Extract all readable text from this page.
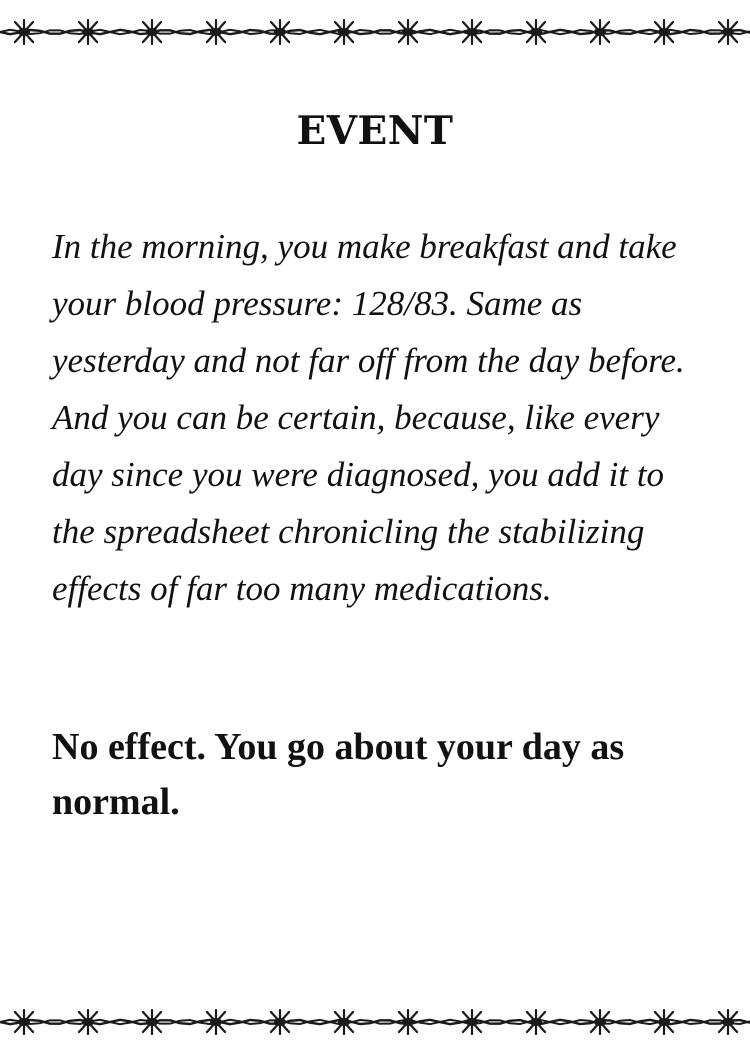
EVENT

In the morning, you make breakfast and take your blood pressure: 128/83. Same as yesterday and not far off from the day before. And you can be certain, because, like every day since you were diagnosed, you add it to the spreadsheet chronicling the stabilizing effects of far too many medications.

No effect. You go about your day as normal.
